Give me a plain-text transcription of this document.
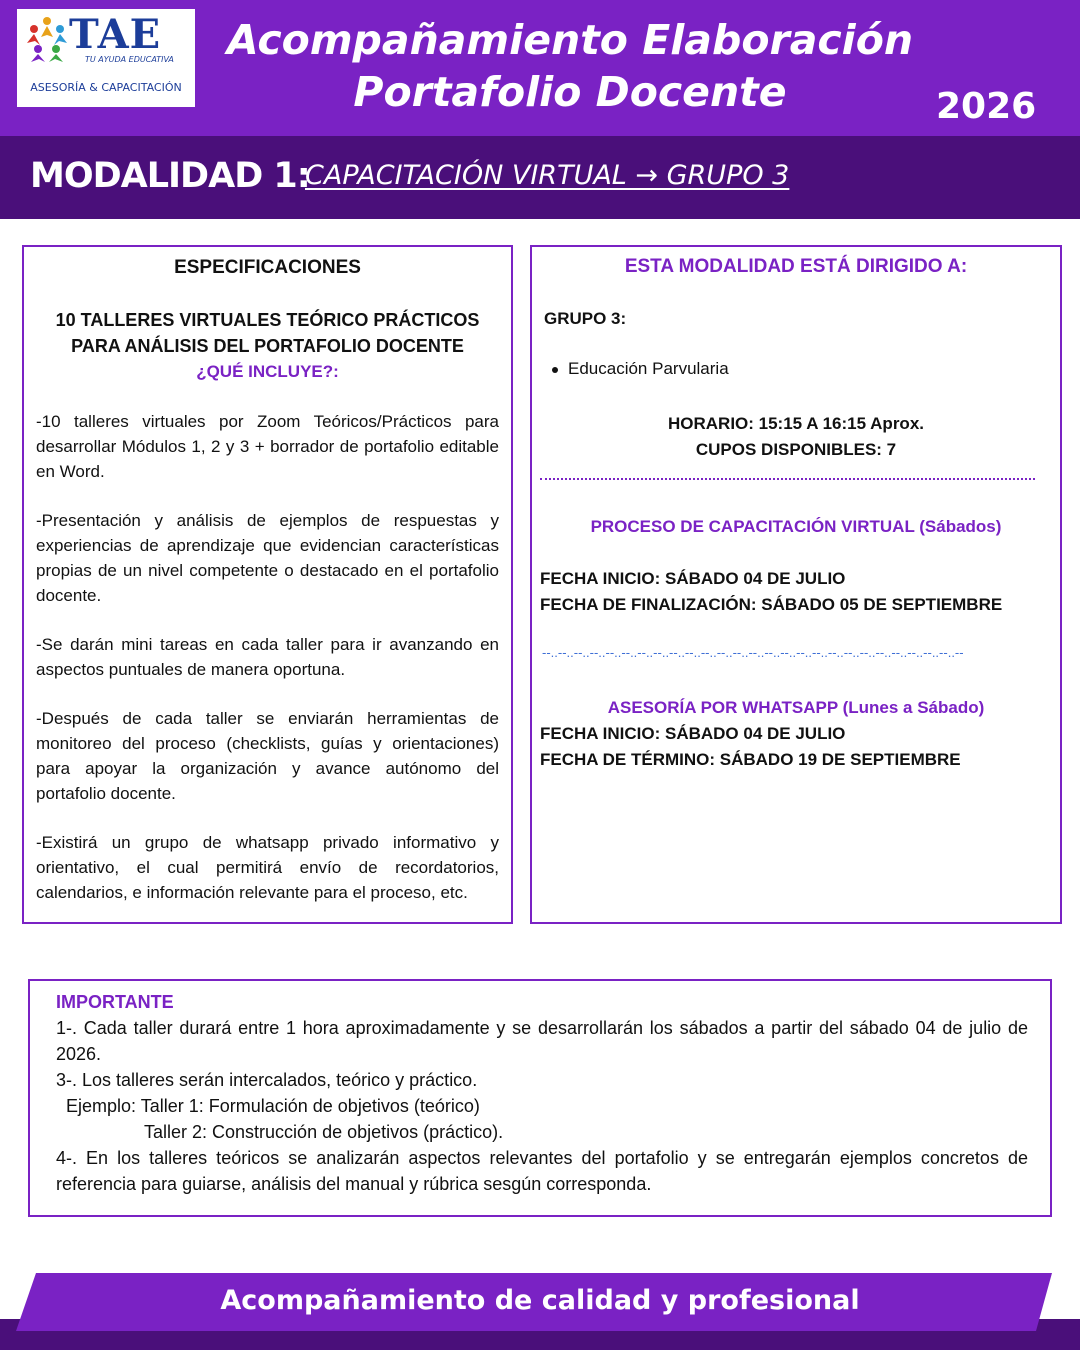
TAE
TU AYUDA EDUCATIVA
ASESORÍA & CAPACITACIÓN
Acompañamiento Elaboración
Portafolio Docente	2026
MODALIDAD 1:
CAPACITACIÓN VIRTUAL → GRUPO 3
ESPECIFICACIONES
10 TALLERES VIRTUALES TEÓRICO PRÁCTICOS PARA ANÁLISIS DEL PORTAFOLIO DOCENTE
¿QUÉ INCLUYE?:
-10 talleres virtuales por Zoom Teóricos/Prácticos para desarrollar Módulos 1, 2 y 3 + borrador de portafolio editable en Word.
-Presentación y análisis de ejemplos de respuestas y experiencias de aprendizaje que evidencian características propias de un nivel competente o destacado en el portafolio docente.
-Se darán mini tareas en cada taller para ir avanzando en aspectos puntuales de manera oportuna.
-Después de cada taller se enviarán herramientas de monitoreo del proceso (checklists, guías y orientaciones) para apoyar la organización y avance autónomo del portafolio docente.
-Existirá un grupo de whatsapp privado informativo y orientativo, el cual permitirá envío de recordatorios, calendarios, e información relevante para el proceso, etc.
ESTA MODALIDAD ESTÁ DIRIGIDO A:
GRUPO 3:
Educación Parvularia
HORARIO: 15:15 A 16:15 Aprox.
CUPOS DISPONIBLES: 7
PROCESO DE CAPACITACIÓN VIRTUAL (Sábados)
FECHA INICIO: SÁBADO 04 DE JULIO
FECHA DE FINALIZACIÓN: SÁBADO 05 DE SEPTIEMBRE
--..--..--..--..--..--..--..--..--..--..--..--..--..--..--..--..--..--..--..--..--..--..--..--..--..--..--
ASESORÍA POR WHATSAPP (Lunes a Sábado)
FECHA INICIO: SÁBADO 04 DE JULIO
FECHA DE TÉRMINO: SÁBADO 19 DE SEPTIEMBRE
IMPORTANTE
1-. Cada taller durará entre 1 hora aproximadamente y se desarrollarán los sábados a partir del sábado 04 de julio de 2026.
3-. Los talleres serán intercalados, teórico y práctico.
Ejemplo: Taller 1: Formulación de objetivos (teórico)
Taller 2: Construcción de objetivos (práctico).
4-. En los talleres teóricos se analizarán aspectos relevantes del portafolio y se entregarán ejemplos concretos de referencia para guiarse, análisis del manual y rúbrica sesgún corresponda.
Acompañamiento de calidad y profesional
